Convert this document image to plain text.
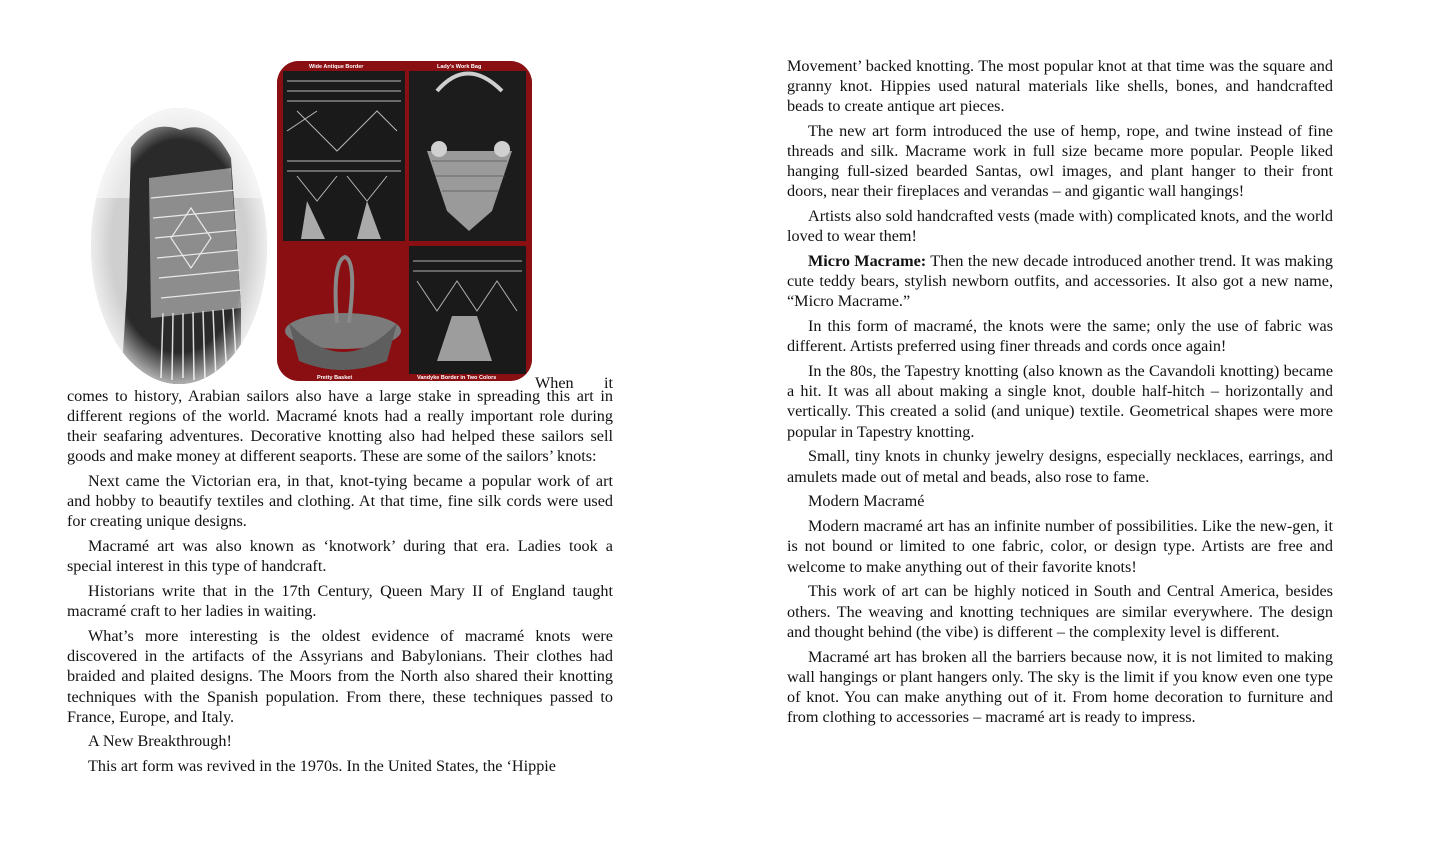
Wide Antique Border	Lady's Work Bag
Pretty Basket	Vandyke Border in Two Colors When it

comes to history, Arabian sailors also have a large stake in spreading this art in different regions of the world. Macramé knots had a really important role during their seafaring adventures. Decorative knotting also had helped these sailors sell goods and make money at different seaports. These are some of the sailors’ knots:

Next came the Victorian era, in that, knot-tying became a popular work of art and hobby to beautify textiles and clothing. At that time, fine silk cords were used for creating unique designs.

Macramé art was also known as ‘knotwork’ during that era. Ladies took a special interest in this type of handcraft.

Historians write that in the 17th Century, Queen Mary II of England taught macramé craft to her ladies in waiting.

What’s more interesting is the oldest evidence of macramé knots were discovered in the artifacts of the Assyrians and Babylonians. Their clothes had braided and plaited designs. The Moors from the North also shared their knotting techniques with the Spanish population. From there, these techniques passed to France, Europe, and Italy.

A New Breakthrough!

This art form was revived in the 1970s. In the United States, the ‘Hippie

Movement’ backed knotting. The most popular knot at that time was the square and granny knot. Hippies used natural materials like shells, bones, and handcrafted beads to create antique art pieces.

The new art form introduced the use of hemp, rope, and twine instead of fine threads and silk. Macrame work in full size became more popular. People liked hanging full-sized bearded Santas, owl images, and plant hanger to their front doors, near their fireplaces and verandas – and gigantic wall hangings!

Artists also sold handcrafted vests (made with) complicated knots, and the world loved to wear them!

Micro Macrame: Then the new decade introduced another trend. It was making cute teddy bears, stylish newborn outfits, and accessories. It also got a new name, “Micro Macrame.”

In this form of macramé, the knots were the same; only the use of fabric was different. Artists preferred using finer threads and cords once again!

In the 80s, the Tapestry knotting (also known as the Cavandoli knotting) became a hit. It was all about making a single knot, double half-hitch – horizontally and vertically. This created a solid (and unique) textile. Geometrical shapes were more popular in Tapestry knotting.

Small, tiny knots in chunky jewelry designs, especially necklaces, earrings, and amulets made out of metal and beads, also rose to fame.

Modern Macramé

Modern macramé art has an infinite number of possibilities. Like the new-gen, it is not bound or limited to one fabric, color, or design type. Artists are free and welcome to make anything out of their favorite knots!

This work of art can be highly noticed in South and Central America, besides others. The weaving and knotting techniques are similar everywhere. The design and thought behind (the vibe) is different – the complexity level is different.

Macramé art has broken all the barriers because now, it is not limited to making wall hangings or plant hangers only. The sky is the limit if you know even one type of knot. You can make anything out of it. From home decoration to furniture and from clothing to accessories – macramé art is ready to impress.
